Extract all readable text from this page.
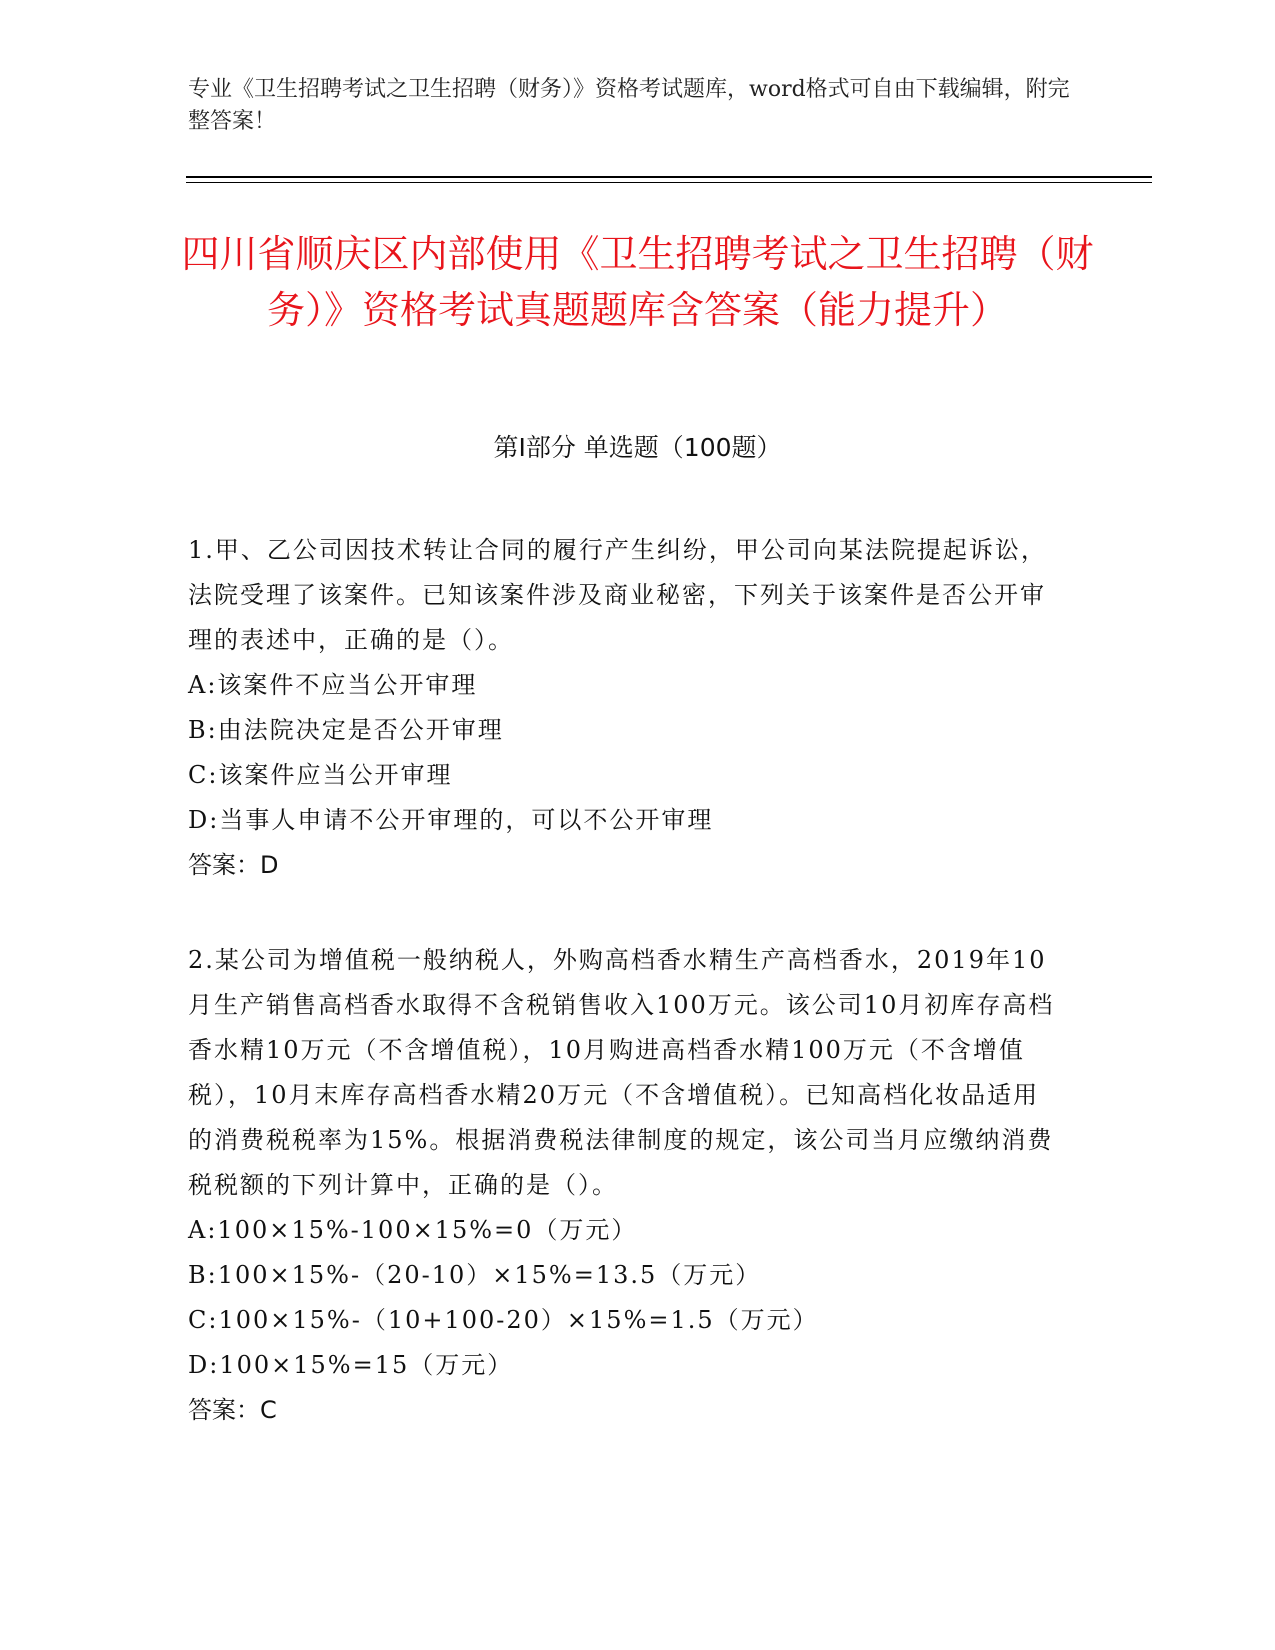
专业《卫生招聘考试之卫生招聘（财务）》资格考试题库，word格式可自由下载编辑，附完整答案！
四川省顺庆区内部使用《卫生招聘考试之卫生招聘（财务）》资格考试真题题库含答案（能力提升）
第Ⅰ部分 单选题（100题）

1.甲、乙公司因技术转让合同的履行产生纠纷，甲公司向某法院提起诉讼，法院受理了该案件。已知该案件涉及商业秘密，下列关于该案件是否公开审理的表述中，正确的是（）。

A:该案件不应当公开审理
B:由法院决定是否公开审理
C:该案件应当公开审理
D:当事人申请不公开审理的，可以不公开审理

答案：D

2.某公司为增值税一般纳税人，外购高档香水精生产高档香水，2019年10月生产销售高档香水取得不含税销售收入100万元。该公司10月初库存高档香水精10万元（不含增值税），10月购进高档香水精100万元（不含增值税），10月末库存高档香水精20万元（不含增值税）。已知高档化妆品适用的消费税税率为15%。根据消费税法律制度的规定，该公司当月应缴纳消费税税额的下列计算中，正确的是（）。

A:100×15%-100×15%=0（万元）
B:100×15%-（20-10）×15%=13.5（万元）
C:100×15%-（10+100-20）×15%=1.5（万元）
D:100×15%=15（万元）

答案：C
